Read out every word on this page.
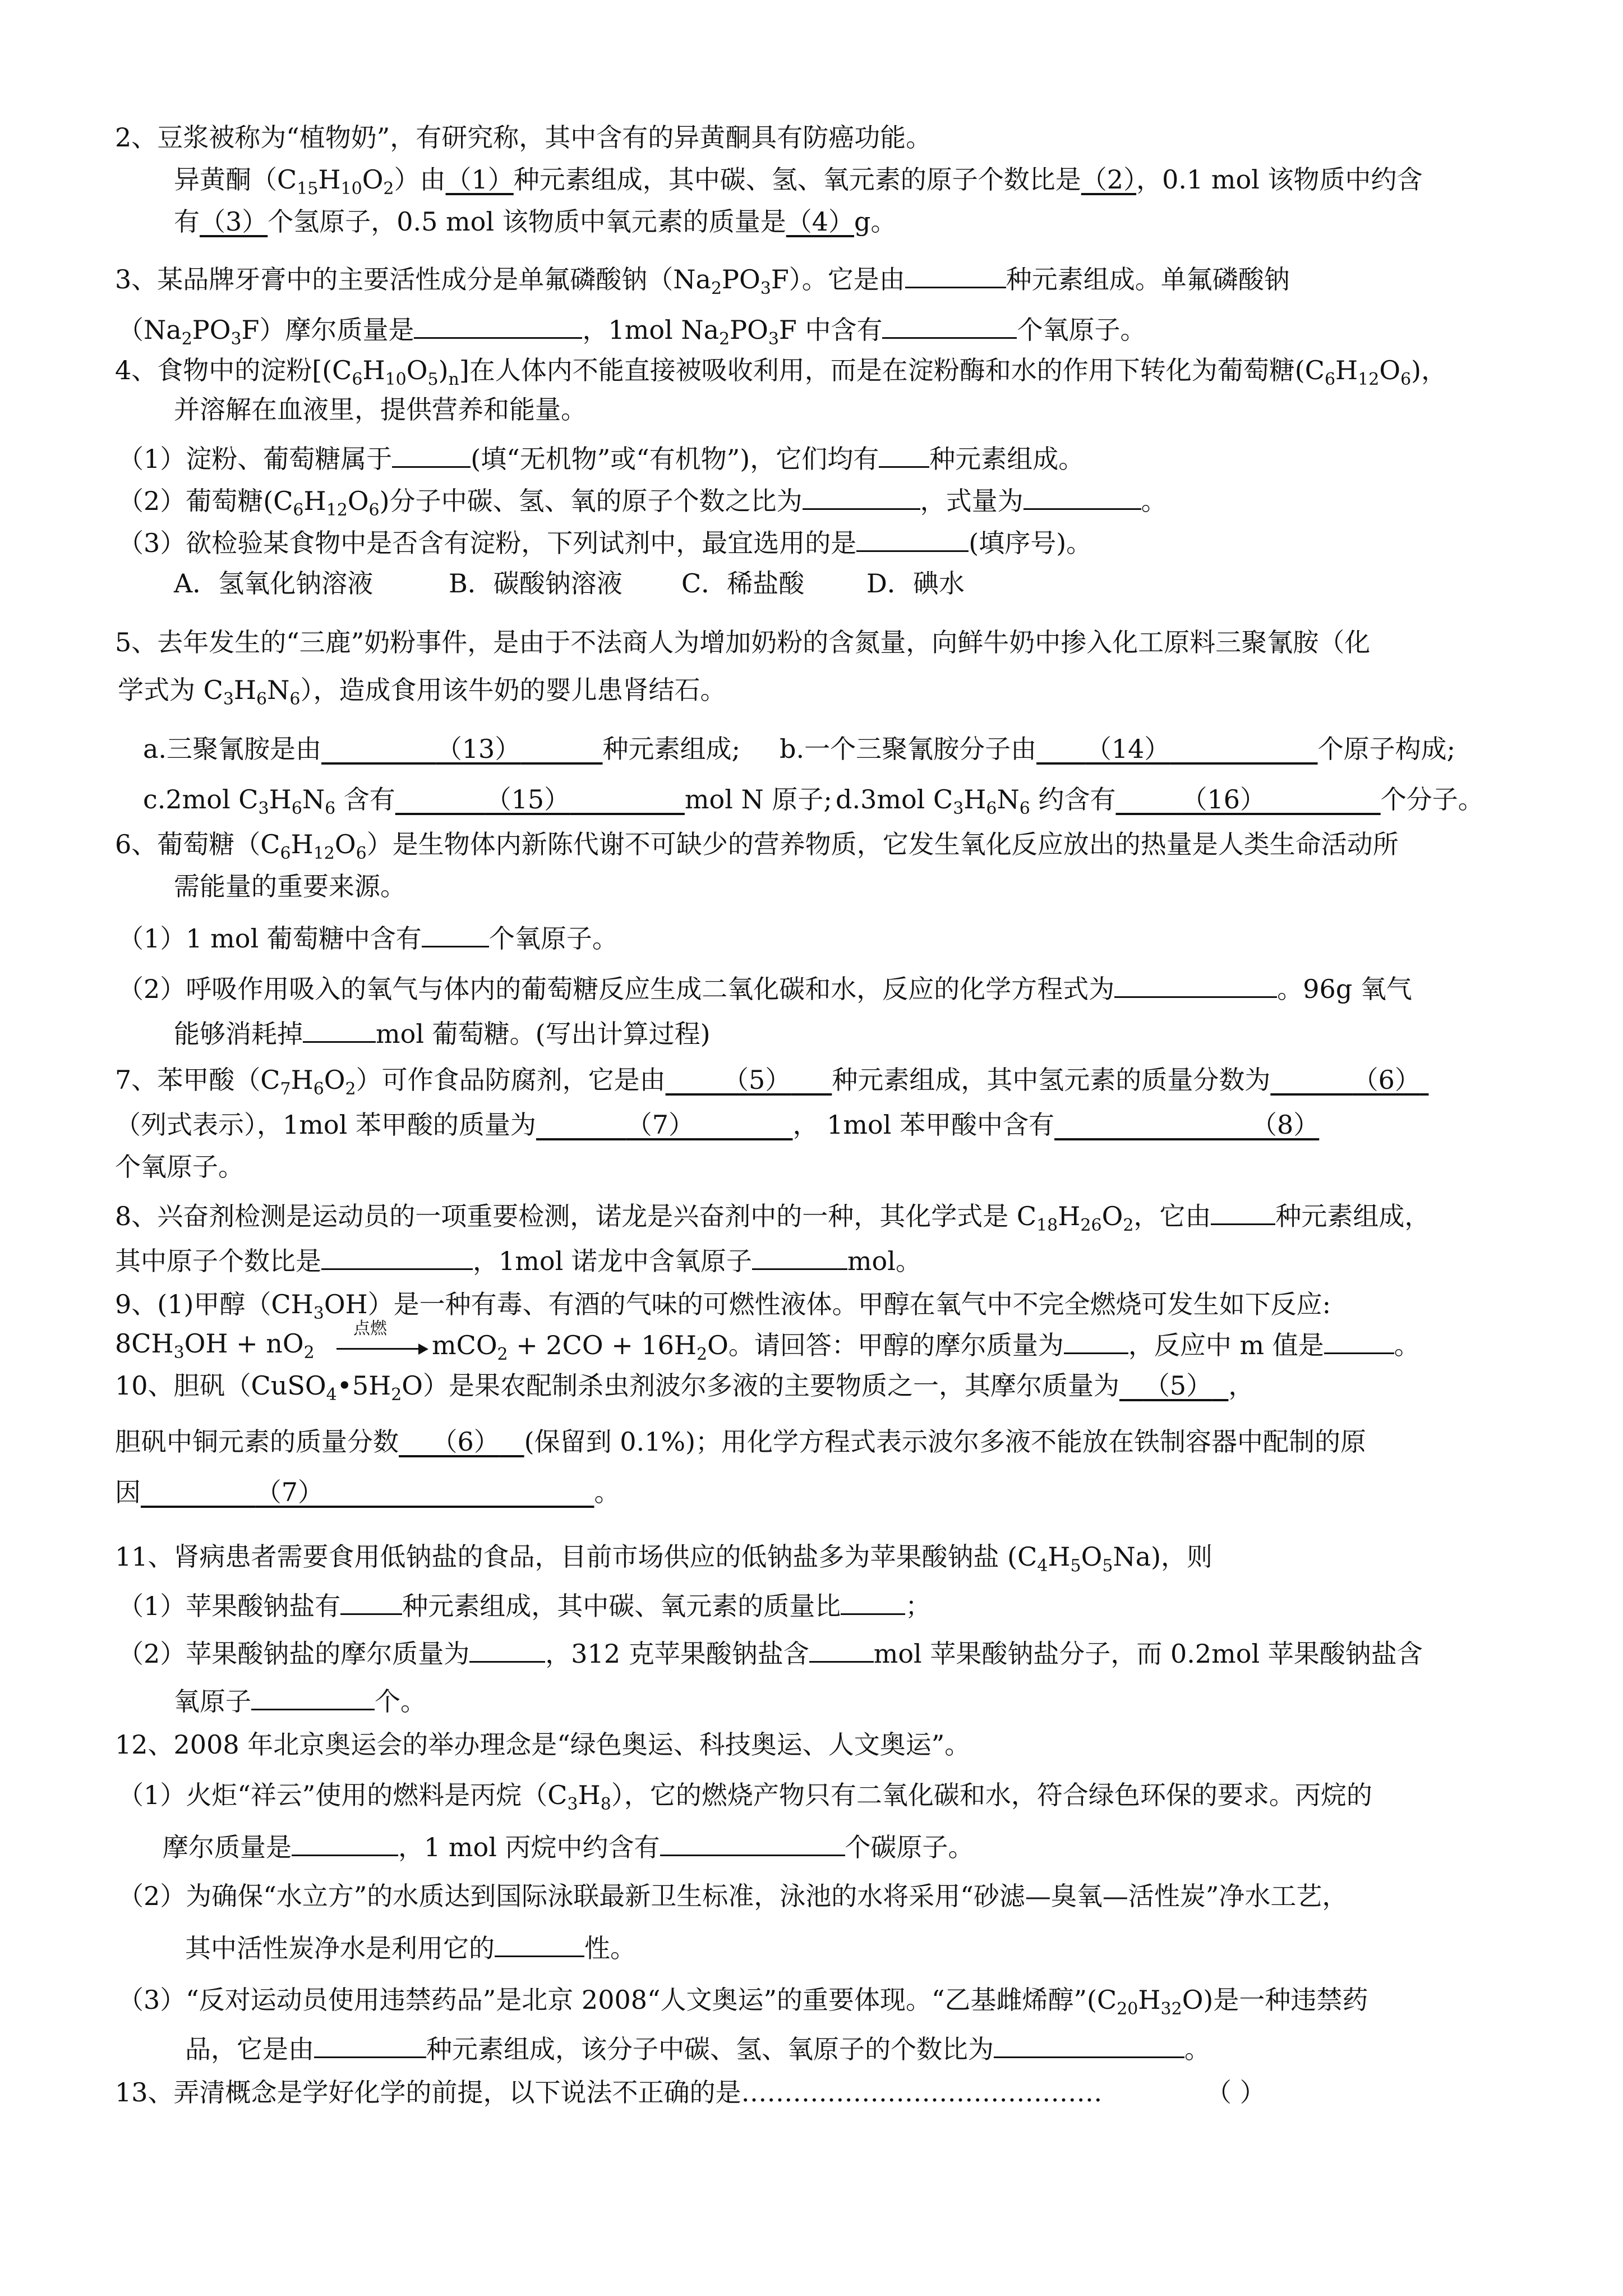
2、豆浆被称为“植物奶”，有研究称，其中含有的异黄酮具有防癌功能。
异黄酮$(C_{15}H_{10}O_2)$由（1）种元素组成，其中碳、氢、氧元素的原子个数比是（2），0.1 mol 该物质中约含
有（3）个氢原子，0.5 mol 该物质中氧元素的质量是（4）g。
3、某品牌牙膏中的主要活性成分是单氟磷酸钠$(Na_2PO_3F)$。它是由	种元素组成。单氟磷酸钠
$(Na_2PO_3F)$摩尔质量是	，1mol $Na_2PO_3F$ 中含有	个氧原子。
4、食物中的淀粉$[(C_6H_{10}O_5)_n]$在人体内不能直接被吸收利用，而是在淀粉酶和水的作用下转化为葡萄糖$(C_6H_{12}O_6)$，
并溶解在血液里，提供营养和能量。
（1）淀粉、葡萄糖属于	(填“无机物”或“有机物”)，它们均有 种元素组成。
（2）葡萄糖$(C_6H_{12}O_6)$分子中碳、氢、氧的原子个数之比为	，式量为	。
（3）欲检验某食物中是否含有淀粉，下列试剂中，最宜选用的是	(填序号)。
A．氢氧化钠溶液	B．碳酸钠溶液 C．稀盐酸 D．碘水
5、去年发生的“三鹿”奶粉事件，是由于不法商人为增加奶粉的含氮量，向鲜牛奶中掺入化工原料三聚氰胺（化
学式为 $C_3H_6N_6$），造成食用该牛奶的婴儿患肾结石。
a.三聚氰胺是由	（13）	种元素组成; b.一个三聚氰胺分子由 （14）	个原子构成;
c.2mol $C_3H_6N_6$ 含有	（15）	mol N 原子; d.3mol $C_3H_6N_6$ 约含有	（16）	个分子。
6、葡萄糖$(C_6H_{12}O_6)$是生物体内新陈代谢不可缺少的营养物质，它发生氧化反应放出的热量是人类生命活动所
需能量的重要来源。
（1）1 mol 葡萄糖中含有	个氧原子。
（2）呼吸作用吸入的氧气与体内的葡萄糖反应生成二氧化碳和水，反应的化学方程式为	。96g 氧气
能够消耗掉	mol 葡萄糖。(写出计算过程)
7、苯甲酸$(C_7H_6O_2)$可作食品防腐剂，它是由 （5） 种元素组成，其中氢元素的质量分数为	（6）
（列式表示），1mol 苯甲酸的质量为	（7）	， 1mol 苯甲酸中含有	（8）
个氧原子。
8、兴奋剂检测是运动员的一项重要检测，诺龙是兴奋剂中的一种，其化学式是 $C_{18}H_{26}O_2$，它由	种元素组成，
其中原子个数比是	，1mol 诺龙中含氧原子	mol。
9、(1)甲醇$(CH_3OH)$是一种有毒、有酒的气味的可燃性液体。甲醇在氧气中不完全燃烧可发生如下反应:
$8CH_3OH + nO_2$
点燃
$mCO_2 + 2CO + 16H_2O$。请回答：甲醇的摩尔质量为	，反应中 m 值是	。
10、胆矾$(CuSO_4•5H_2O)$是果农配制杀虫剂波尔多液的主要物质之一，其摩尔质量为 （5） ，
胆矾中铜元素的质量分数 （6） (保留到 0.1%)；用化学方程式表示波尔多液不能放在铁制容器中配制的原
因	（7）	。
11、肾病患者需要食用低钠盐的食品，目前市场供应的低钠盐多为苹果酸钠盐 $(C_4H_5O_5Na)$，则
（1）苹果酸钠盐有 种元素组成，其中碳、氧元素的质量比	；
（2）苹果酸钠盐的摩尔质量为	，312 克苹果酸钠盐含	mol 苹果酸钠盐分子，而 0.2mol 苹果酸钠盐含
氧原子	个。
12、2008 年北京奥运会的举办理念是“绿色奥运、科技奥运、人文奥运”。
（1）火炬“祥云”使用的燃料是丙烷$(C_3H_8)$，它的燃烧产物只有二氧化碳和水，符合绿色环保的要求。丙烷的
摩尔质量是	，1 mol 丙烷中约含有	个碳原子。
（2）为确保“水立方”的水质达到国际泳联最新卫生标准，泳池的水将采用“砂滤—臭氧—活性炭”净水工艺，
其中活性炭净水是利用它的	性。
（3）“反对运动员使用违禁药品”是北京 2008“人文奥运”的重要体现。“乙基雌烯醇$”(C_{20}H_{32}O)$是一种违禁药
品，它是由	种元素组成，该分子中碳、氢、氧原子的个数比为	。
13、弄清概念是学好化学的前提，以下说法不正确的是……………………………………	（ ）
